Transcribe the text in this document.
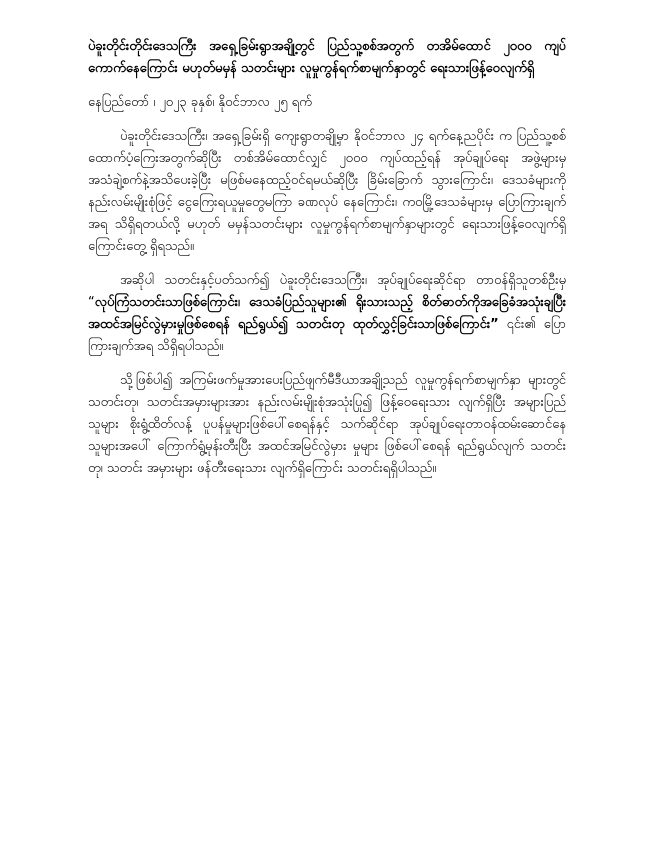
ပဲခူးတိုင်းတိုင်းဒေသကြီး အရှေ့ခြမ်းရွာအချို့တွင် ပြည်သူ့စစ်အတွက် တအိမ်ထောင် ၂၀၀၀ ကျပ် ကောက်နေကြောင်း မဟုတ်မမှန် သတင်းများ လူမှုကွန်ရက်စာမျက်နှာတွင် ရေးသားဖြန့်ဝေလျက်ရှိ

နေပြည်တော် ၊ ၂၀၂၃ ခုနှစ်၊ နိုဝင်ဘာလ ၂၅ ရက်

ပဲခူးတိုင်းဒေသကြီး၊ အရှေ့ခြမ်းရှိ ကျေးရွာတချို့မှာ နိုဝင်ဘာလ ၂၄ ရက်နေ့ညပိုင်း က ပြည်သူ့စစ်ထောက်ပံ့ကြေးအတွက်ဆိုပြီး တစ်အိမ်ထောင်လျှင် ၂၀၀၀ ကျပ်ထည့်ရန် အုပ်ချုပ်ရေး အဖွဲ့များမှ အသံချဲ့စက်နဲ့အသိပေးခဲ့ပြီး မဖြစ်မနေထည့်ဝင်ရမယ်ဆိုပြီး ခြိမ်းခြောက် သွားကြောင်း၊ ဒေသခံများကို နည်းလမ်းမျိုးစုံဖြင့် ငွေကြေးရယူမှုတွေမကြာ ခဏလုပ် နေကြောင်း၊ ကဝမြို့ဒေသခံများမှ ပြောကြားချက်အရ သိရှိရတယ်လို့ မဟုတ် မမှန်သတင်းများ လူမှုကွန်ရက်စာမျက်နှာများတွင် ရေးသားဖြန့်ဝေလျက်ရှိကြောင်းတွေ့ ရှိရသည်။

အဆိုပါ သတင်းနှင့်ပတ်သက်၍ ပဲခူးတိုင်းဒေသကြီး၊ အုပ်ချုပ်ရေးဆိုင်ရာ တာဝန်ရှိသူတစ်ဦးမှ “လုပ်ကြံသတင်းသာဖြစ်ကြောင်း၊ ဒေသခံပြည်သူများ၏ ရိုးသားသည့် စိတ်ဓာတ်ကိုအခြေခံအသုံးချပြီး အထင်အမြင်လွဲမှားမှုဖြစ်စေရန် ရည်ရွယ်၍ သတင်းတု ထုတ်လွှင့်ခြင်းသာဖြစ်ကြောင်း” ၎င်း၏ ပြောကြားချက်အရ သိရှိရပါသည်။

သို့ဖြစ်ပါ၍ အကြမ်းဖက်မှုအားပေးပြည်ဖျက်မီဒီယာအချို့သည် လူမှုကွန်ရက်စာမျက်နှာ များတွင် သတင်းတု၊ သတင်းအမှားများအား နည်းလမ်းမျိုးစုံအသုံးပြု၍ ဖြန့်ဝေရေးသား လျက်ရှိပြီး အများပြည်သူများ စိုးရွံ့ထိတ်လန့် ပူပန်မှုများဖြစ်ပေါ်စေရန်နှင့် သက်ဆိုင်ရာ အုပ်ချုပ်ရေးတာဝန်ထမ်းဆောင်နေသူများအပေါ် ကြောက်ရွံ့မုန်းတီးပြီး အထင်အမြင်လွဲမှား မှုများ ဖြစ်ပေါ်စေရန် ရည်ရွယ်လျက် သတင်းတု၊ သတင်း အမှားများ ဖန်တီးရေးသား လျက်ရှိကြောင်း သတင်းရရှိပါသည်။
